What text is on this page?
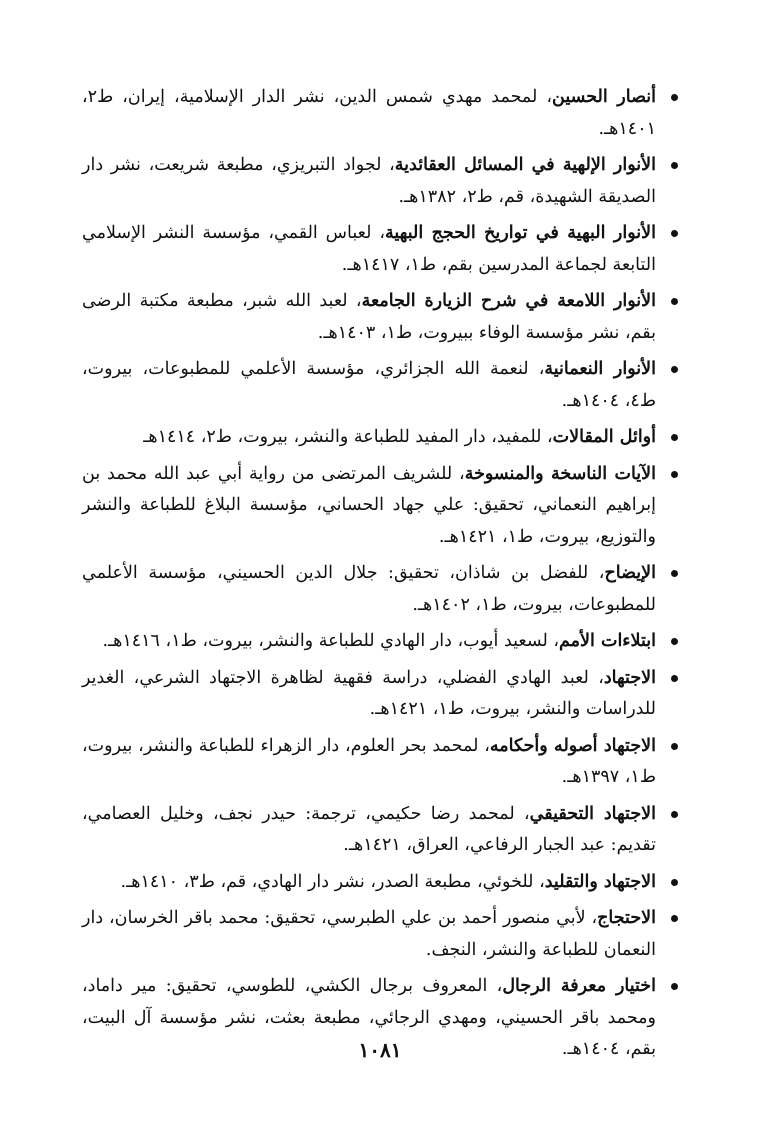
أنصار الحسين، لمحمد مهدي شمس الدين، نشر الدار الإسلامية، إيران، ط٢، ١٤٠١هـ.
الأنوار الإلهية في المسائل العقائدية، لجواد التبريزي، مطبعة شريعت، نشر دار الصديقة الشهيدة، قم، ط٢، ١٣٨٢هـ.
الأنوار البهية في تواريخ الحجج البهية، لعباس القمي، مؤسسة النشر الإسلامي التابعة لجماعة المدرسين بقم، ط١، ١٤١٧هـ.
الأنوار اللامعة في شرح الزيارة الجامعة، لعبد الله شبر، مطبعة مكتبة الرضى بقم، نشر مؤسسة الوفاء ببيروت، ط١، ١٤٠٣هـ.
الأنوار النعمانية، لنعمة الله الجزائري، مؤسسة الأعلمي للمطبوعات، بيروت، ط٤، ١٤٠٤هـ.
أوائل المقالات، للمفيد، دار المفيد للطباعة والنشر، بيروت، ط٢، ١٤١٤هـ
الآيات الناسخة والمنسوخة، للشريف المرتضى من رواية أبي عبد الله محمد بن إبراهيم النعماني، تحقيق: علي جهاد الحساني، مؤسسة البلاغ للطباعة والنشر والتوزيع، بيروت، ط١، ١٤٢١هـ.
الإيضاح، للفضل بن شاذان، تحقيق: جلال الدين الحسيني، مؤسسة الأعلمي للمطبوعات، بيروت، ط١، ١٤٠٢هـ.
ابتلاءات الأمم، لسعيد أيوب، دار الهادي للطباعة والنشر، بيروت، ط١، ١٤١٦هـ.
الاجتهاد، لعبد الهادي الفضلي، دراسة فقهية لظاهرة الاجتهاد الشرعي، الغدير للدراسات والنشر، بيروت، ط١، ١٤٢١هـ.
الاجتهاد أصوله وأحكامه، لمحمد بحر العلوم، دار الزهراء للطباعة والنشر، بيروت، ط١، ١٣٩٧هـ.
الاجتهاد التحقيقي، لمحمد رضا حكيمي، ترجمة: حيدر نجف، وخليل العصامي، تقديم: عبد الجبار الرفاعي، العراق، ١٤٢١هـ.
الاجتهاد والتقليد، للخوئي، مطبعة الصدر، نشر دار الهادي، قم، ط٣، ١٤١٠هـ.
الاحتجاج، لأبي منصور أحمد بن علي الطبرسي، تحقيق: محمد باقر الخرسان، دار النعمان للطباعة والنشر، النجف.
اختيار معرفة الرجال، المعروف برجال الكشي، للطوسي، تحقيق: مير داماد، ومحمد باقر الحسيني، ومهدي الرجائي، مطبعة بعثت، نشر مؤسسة آل البيت، بقم، ١٤٠٤هـ.
١٠٨١
